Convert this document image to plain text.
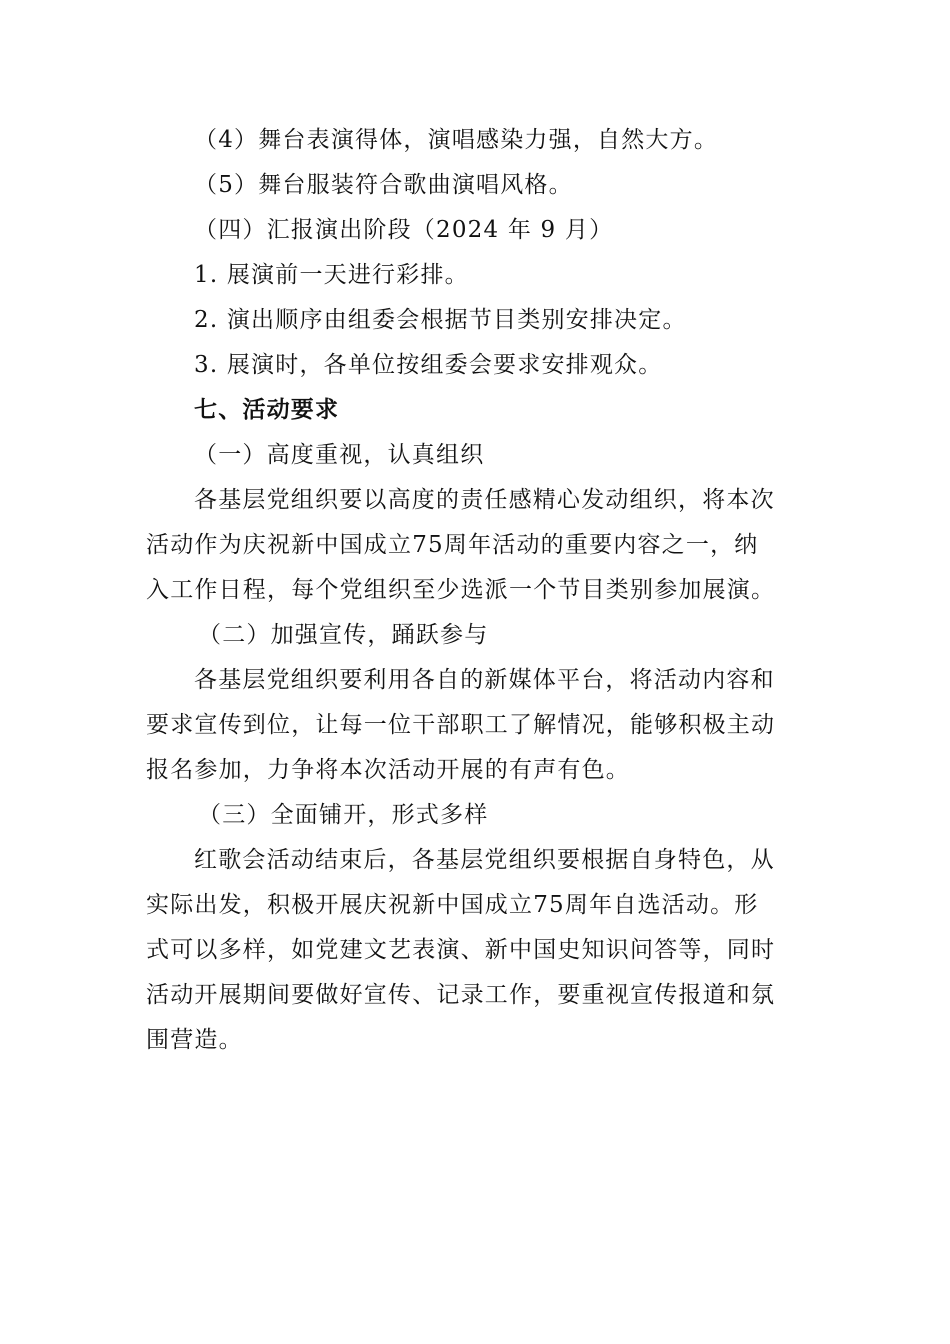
（4）舞台表演得体，演唱感染力强，自然大方。
（5）舞台服装符合歌曲演唱风格。
（四）汇报演出阶段（2024 年 9 月）
1. 展演前一天进行彩排。
2. 演出顺序由组委会根据节目类别安排决定。
3. 展演时，各单位按组委会要求安排观众。
七、活动要求
（一）高度重视，认真组织
各基层党组织要以高度的责任感精心发动组织，将本次
活动作为庆祝新中国成立75周年活动的重要内容之一，纳
入工作日程，每个党组织至少选派一个节目类别参加展演。
（二）加强宣传，踊跃参与
各基层党组织要利用各自的新媒体平台，将活动内容和
要求宣传到位，让每一位干部职工了解情况，能够积极主动
报名参加，力争将本次活动开展的有声有色。
（三）全面铺开，形式多样
红歌会活动结束后，各基层党组织要根据自身特色，从
实际出发，积极开展庆祝新中国成立75周年自选活动。形
式可以多样，如党建文艺表演、新中国史知识问答等，同时
活动开展期间要做好宣传、记录工作，要重视宣传报道和氛
围营造。
